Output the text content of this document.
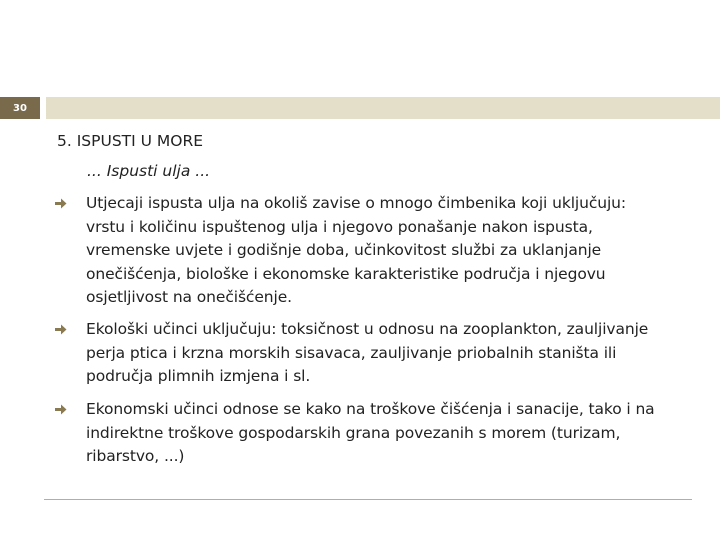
30
5. ISPUSTI U MORE
... Ispusti ulja ...
Utjecaji ispusta ulja na okoliš zavise o mnogo čimbenika koji uključuju:
vrstu i količinu ispuštenog ulja i njegovo ponašanje nakon ispusta,
vremenske uvjete i godišnje doba, učinkovitost službi za uklanjanje
onečišćenja, biološke i ekonomske karakteristike područja i njegovu
osjetljivost na onečišćenje.
Ekološki učinci uključuju: toksičnost u odnosu na zooplankton, zauljivanje
perja ptica i krzna morskih sisavaca, zauljivanje priobalnih staništa ili
područja plimnih izmjena i sl.
Ekonomski učinci odnose se kako na troškove čišćenja i sanacije, tako i na
indirektne troškove gospodarskih grana povezanih s morem (turizam,
ribarstvo, ...)
